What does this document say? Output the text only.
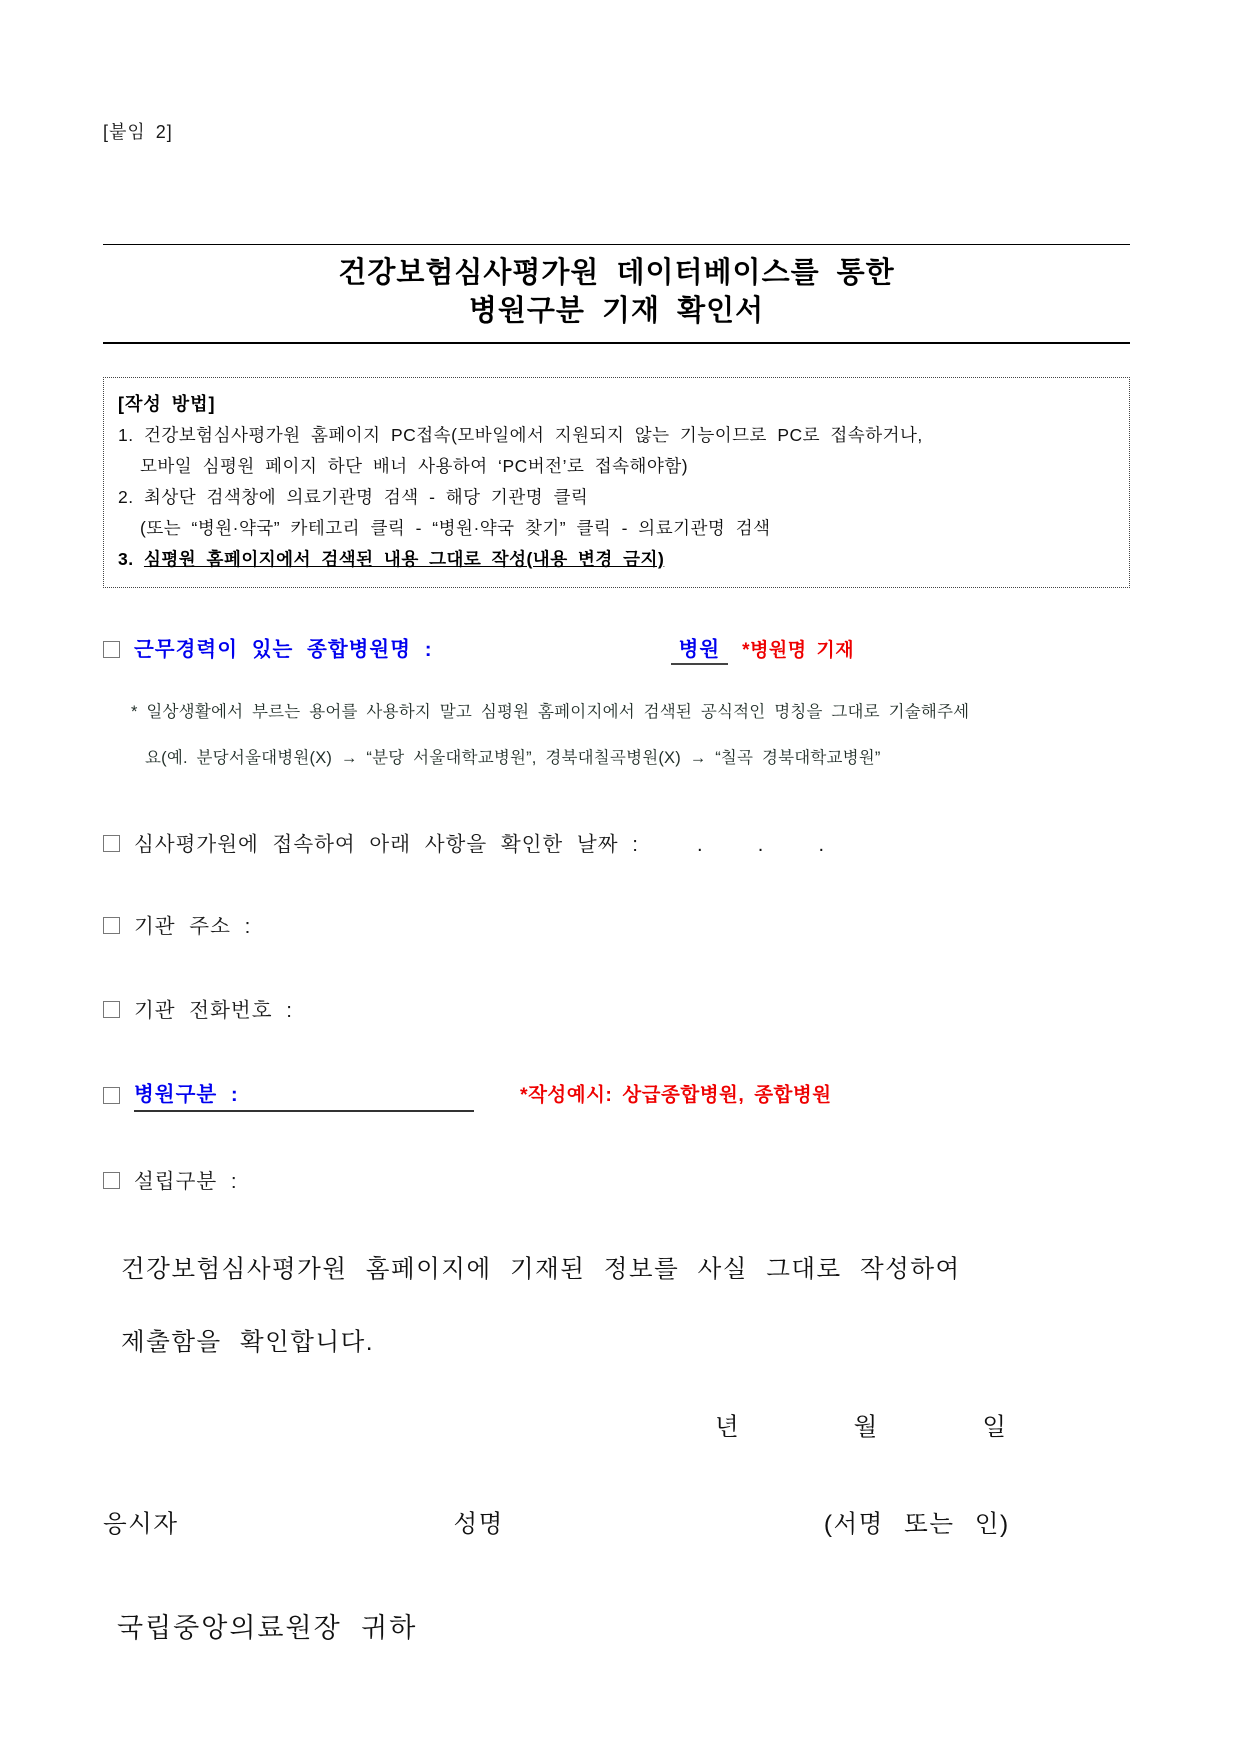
[붙임 2]
건강보험심사평가원 데이터베이스를 통한
병원구분 기재 확인서
[작성 방법]
1. 건강보험심사평가원 홈페이지 PC접속(모바일에서 지원되지 않는 기능이므로 PC로 접속하거나,
모바일 심평원 페이지 하단 배너 사용하여 ‘PC버전’로 접속해야함)
2. 최상단 검색창에 의료기관명 검색 - 해당 기관명 클릭
(또는 “병원·약국” 카테고리 클릭 - “병원·약국 찾기” 클릭 - 의료기관명 검색
3. 심평원 홈페이지에서 검색된 내용 그대로 작성(내용 변경 금지)
근무경력이 있는 종합병원명 :	병원	*병원명 기재
* 일상생활에서 부르는 용어를 사용하지 말고 심평원 홈페이지에서 검색된 공식적인 명칭을 그대로 기술해주세
요(예. 분당서울대병원(X) → “분당 서울대학교병원”, 경북대칠곡병원(X) → “칠곡 경북대학교병원”
심사평가원에 접속하여 아래 사항을 확인한 날짜 :	.    .    .
기관 주소 :
기관 전화번호 :
병원구분 :	*작성예시: 상급종합병원, 종합병원
설립구분 :
건강보험심사평가원 홈페이지에 기재된 정보를 사실 그대로 작성하여
제출함을 확인합니다.
년	월	일
응시자	성명	(서명 또는 인)
국립중앙의료원장 귀하
